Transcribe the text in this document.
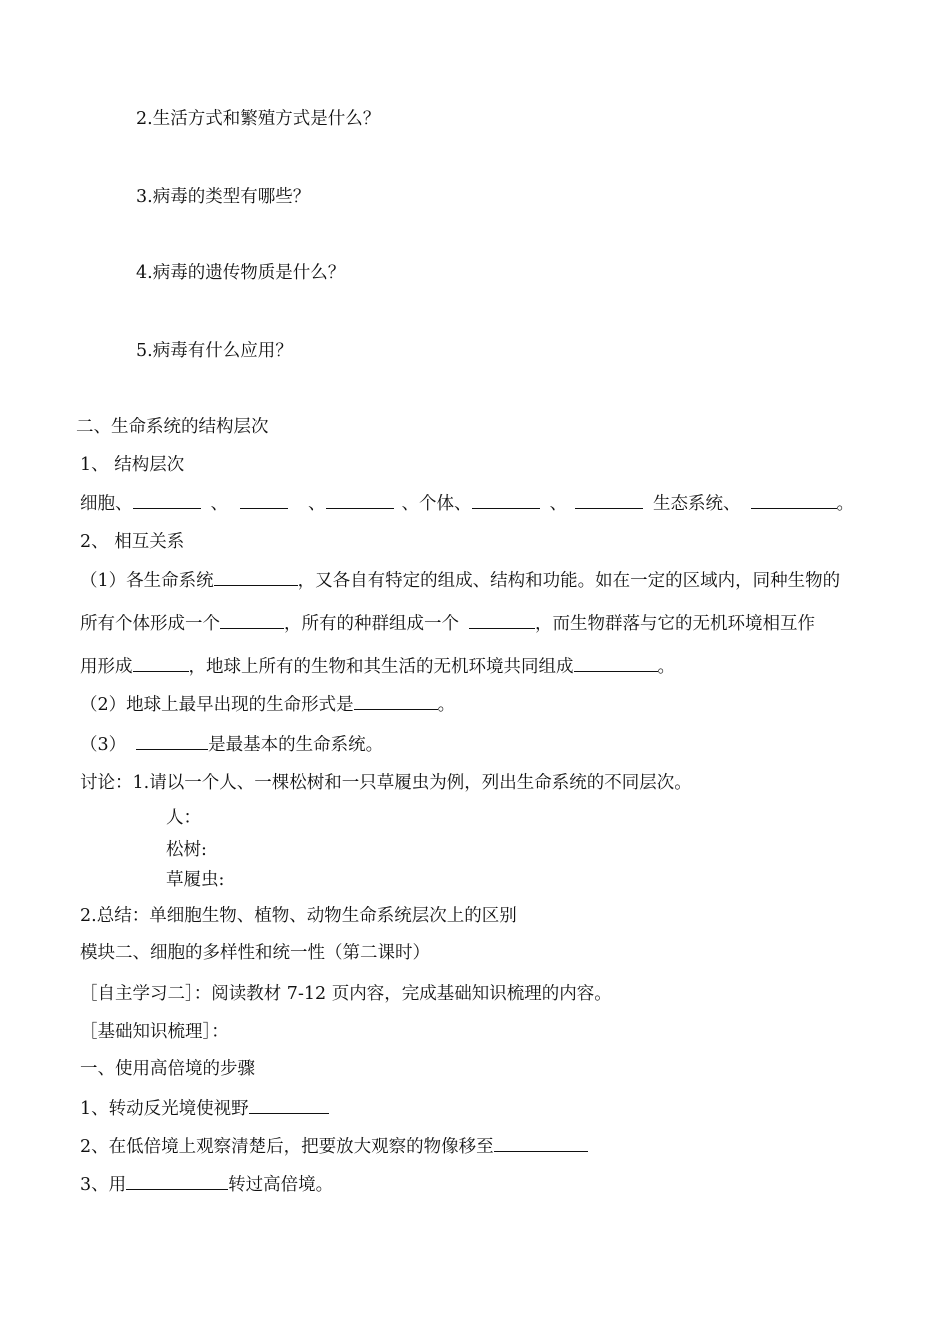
2.生活方式和繁殖方式是什么？
3.病毒的类型有哪些？
4.病毒的遗传物质是什么？
5.病毒有什么应用？
二、生命系统的结构层次
1、 结构层次
细胞、	、	、	、个体、	、	生态系统、	。
2、 相互关系
（1）各生命系统	，又各自有特定的组成、结构和功能。如在一定的区域内，同种生物的
所有个体形成一个	，所有的种群组成一个	，而生物群落与它的无机环境相互作
用形成	，地球上所有的生物和其生活的无机环境共同组成	。
（2）地球上最早出现的生命形式是	。
（3）	是最基本的生命系统。
讨论：1.请以一个人、一棵松树和一只草履虫为例，列出生命系统的不同层次。
人：
松树:
草履虫:
2.总结：单细胞生物、植物、动物生命系统层次上的区别
模块二、细胞的多样性和统一性（第二课时）
［自主学习二］：阅读教材 7-12 页内容，完成基础知识梳理的内容。
［基础知识梳理］：
一、使用高倍境的步骤
1、转动反光境使视野
2、在低倍境上观察清楚后，把要放大观察的物像移至
3、用	转过高倍境。
